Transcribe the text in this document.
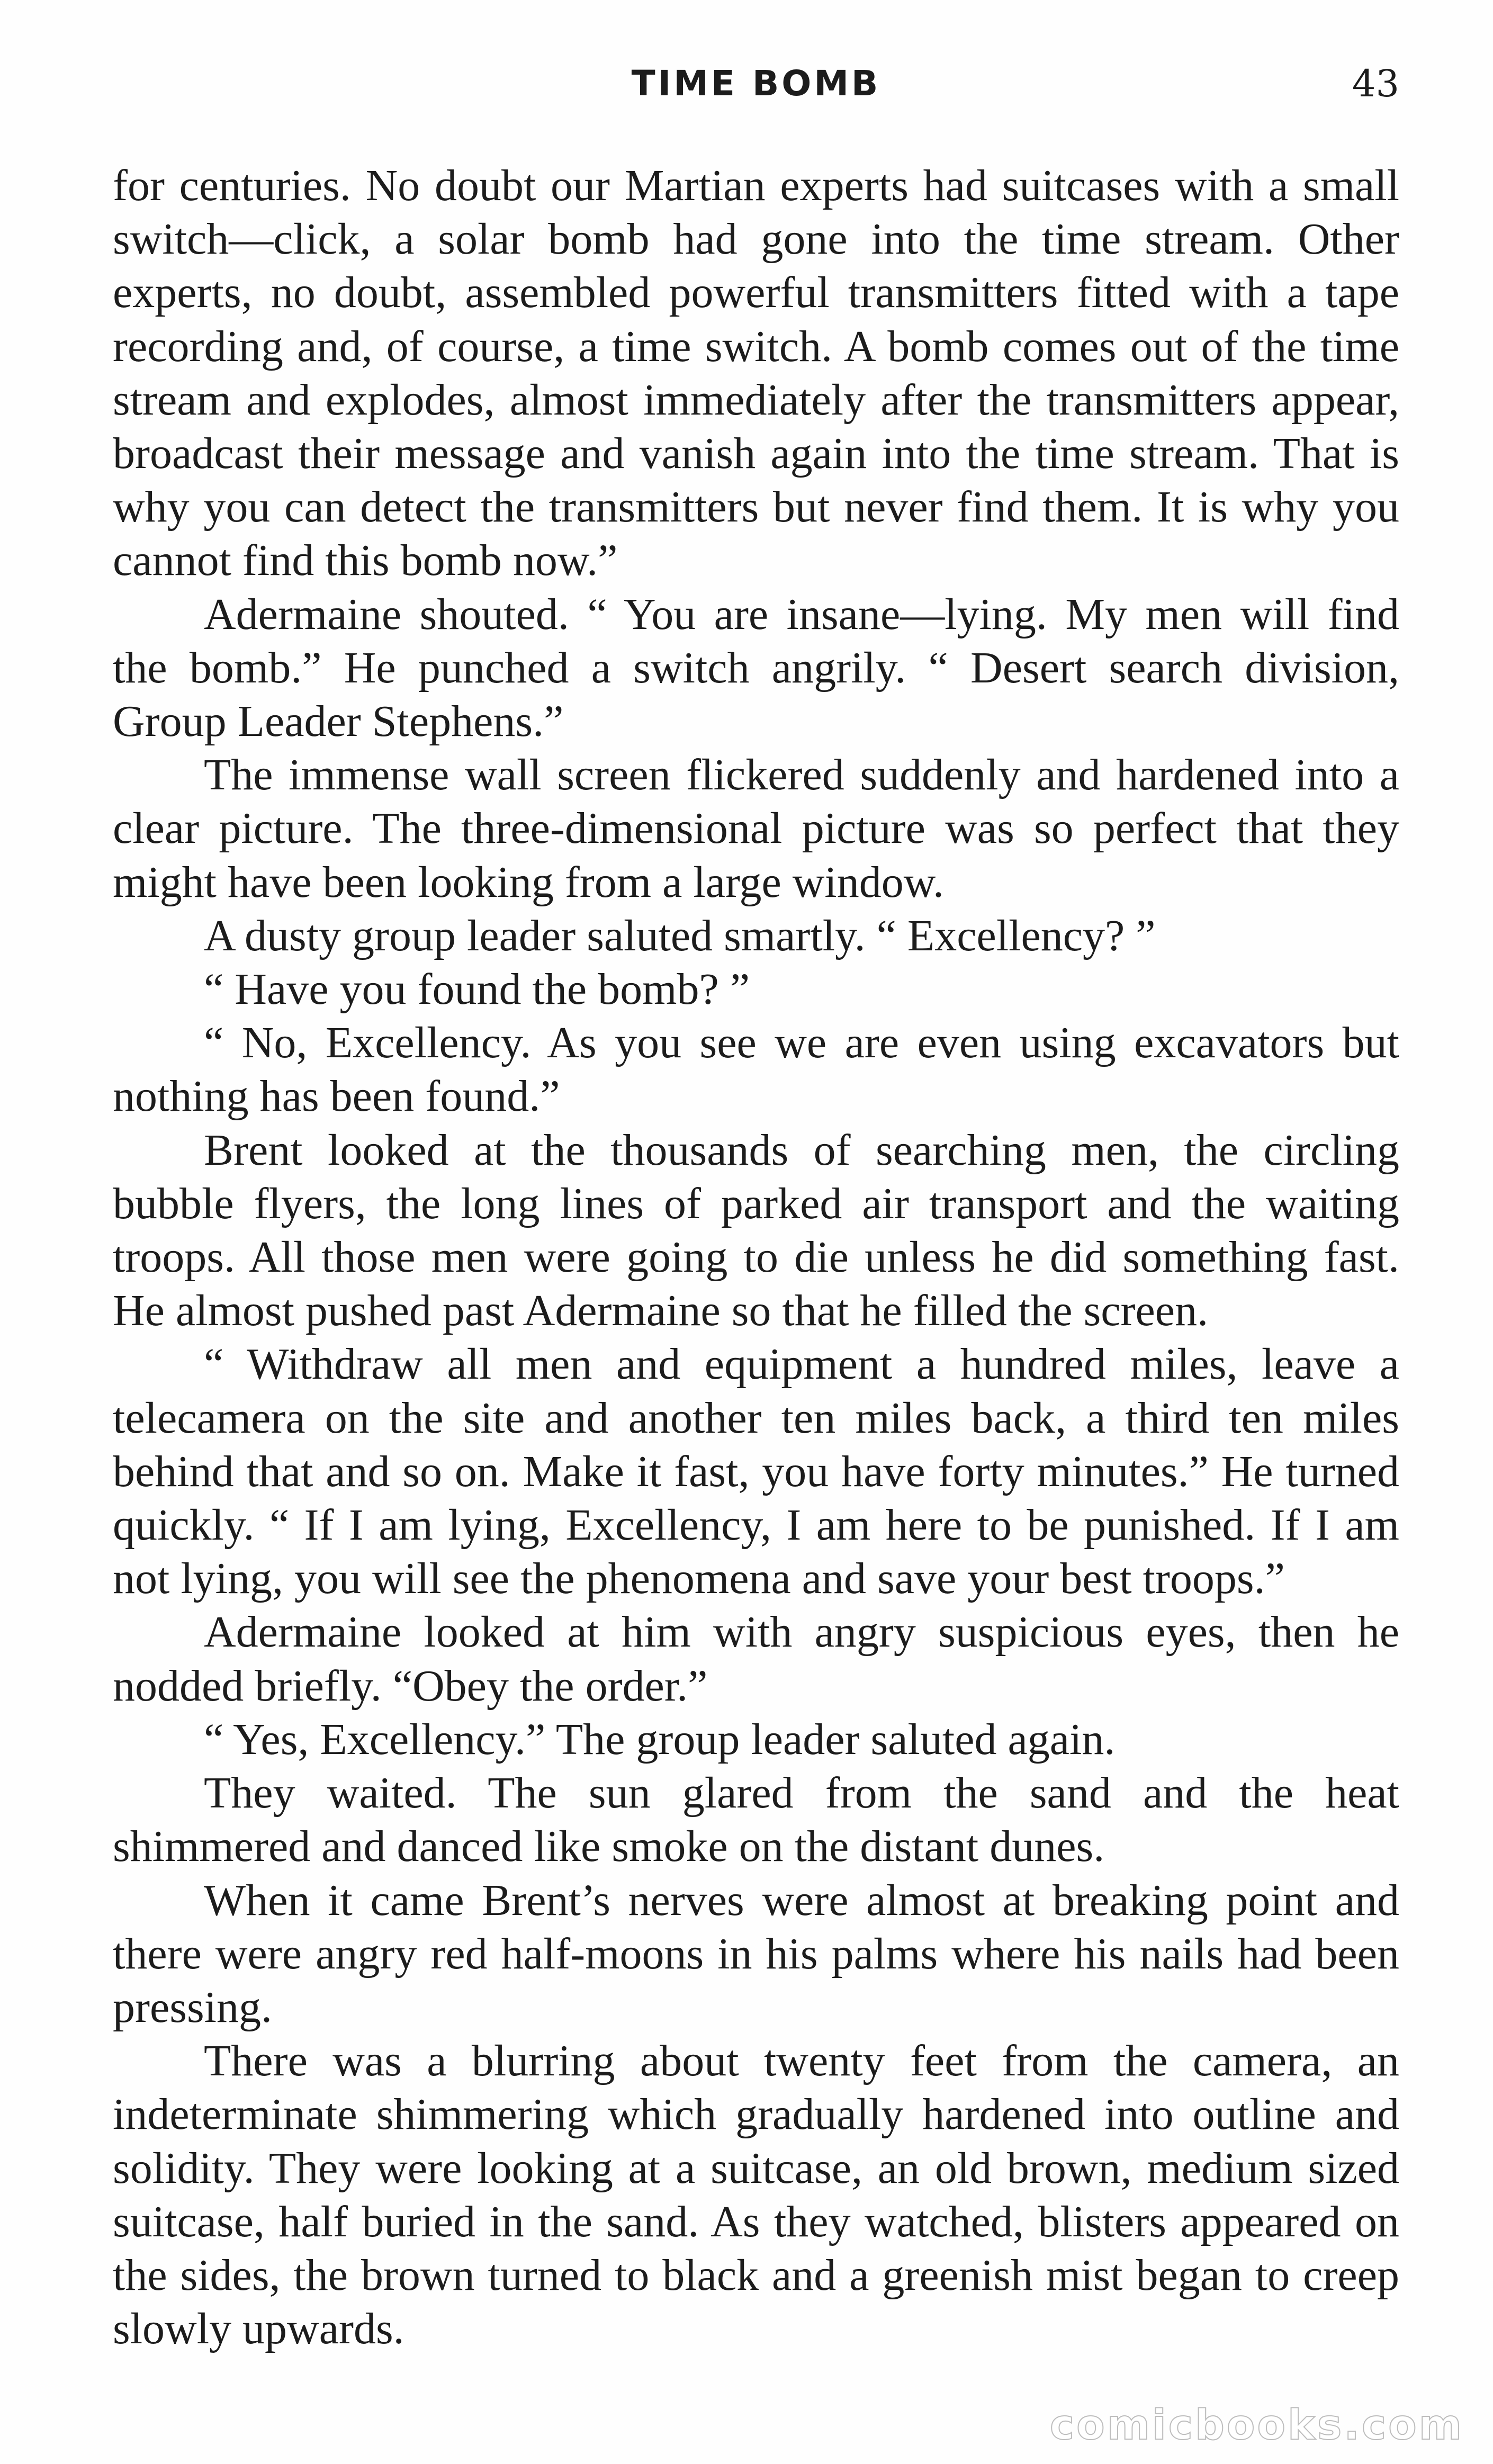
TIME BOMB	43

for centuries. No doubt our Martian experts had suitcases with a small switch—click, a solar bomb had gone into the time stream. Other experts, no doubt, assembled powerful transmitters fitted with a tape recording and, of course, a time switch. A bomb comes out of the time stream and explodes, almost immediately after the transmitters appear, broadcast their message and vanish again into the time stream. That is why you can detect the transmitters but never find them. It is why you cannot find this bomb now.”

Adermaine shouted. “ You are insane—lying. My men will find the bomb.” He punched a switch angrily. “ Desert search division, Group Leader Stephens.”

The immense wall screen flickered suddenly and hardened into a clear picture. The three-dimensional picture was so perfect that they might have been looking from a large window.

A dusty group leader saluted smartly. “ Excellency? ”

“ Have you found the bomb? ”

“ No, Excellency. As you see we are even using excavators but nothing has been found.”

Brent looked at the thousands of searching men, the circling bubble flyers, the long lines of parked air transport and the waiting troops. All those men were going to die unless he did something fast. He almost pushed past Adermaine so that he filled the screen.

“ Withdraw all men and equipment a hundred miles, leave a telecamera on the site and another ten miles back, a third ten miles behind that and so on. Make it fast, you have forty minutes.” He turned quickly. “ If I am lying, Excellency, I am here to be punished. If I am not lying, you will see the phenomena and save your best troops.”

Adermaine looked at him with angry suspicious eyes, then he nodded briefly. “Obey the order.”

“ Yes, Excellency.” The group leader saluted again.

They waited. The sun glared from the sand and the heat shimmered and danced like smoke on the distant dunes.

When it came Brent’s nerves were almost at breaking point and there were angry red half-moons in his palms where his nails had been pressing.

There was a blurring about twenty feet from the camera, an indeterminate shimmering which gradually hardened into outline and solidity. They were looking at a suitcase, an old brown, medium sized suitcase, half buried in the sand. As they watched, blisters appeared on the sides, the brown turned to black and a greenish mist began to creep slowly upwards.

comicbooks.com
